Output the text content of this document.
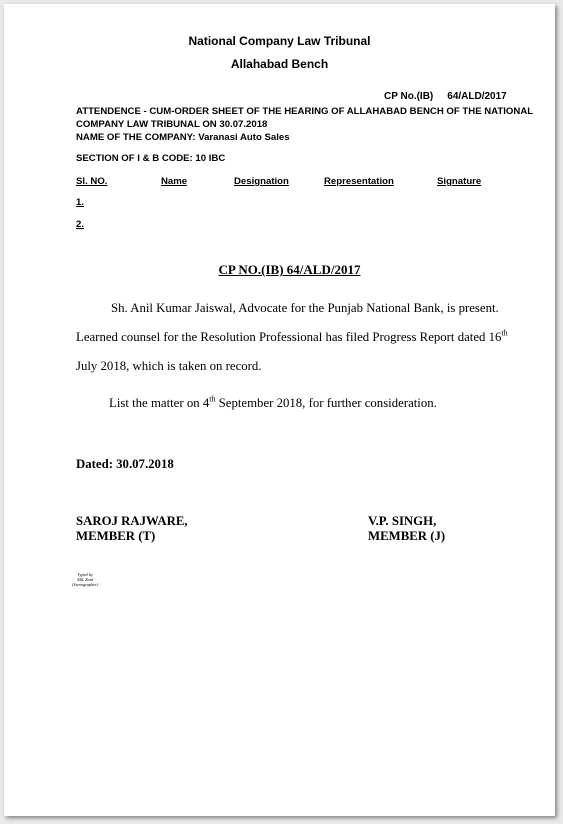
National Company Law Tribunal
Allahabad Bench
CP No.(IB) 64/ALD/2017
ATTENDENCE - CUM-ORDER SHEET OF THE HEARING OF ALLAHABAD BENCH OF THE NATIONAL
COMPANY LAW TRIBUNAL ON 30.07.2018
NAME OF THE COMPANY: Varanasi Auto Sales
SECTION OF I & B CODE: 10 IBC
Sl. NO.	Name	Designation	Representation	Signature
1.
2.
CP NO.(IB) 64/ALD/2017
Sh. Anil Kumar Jaiswal, Advocate for the Punjab National Bank, is present.
Learned counsel for the Resolution Professional has filed Progress Report dated 16th
July 2018, which is taken on record.
List the matter on 4th September 2018, for further consideration.
Dated: 30.07.2018
SAROJ RAJWARE,
MEMBER (T)
V.P. SINGH,
MEMBER (J)
Typed by
Md. Zaid
(Stenographer)
